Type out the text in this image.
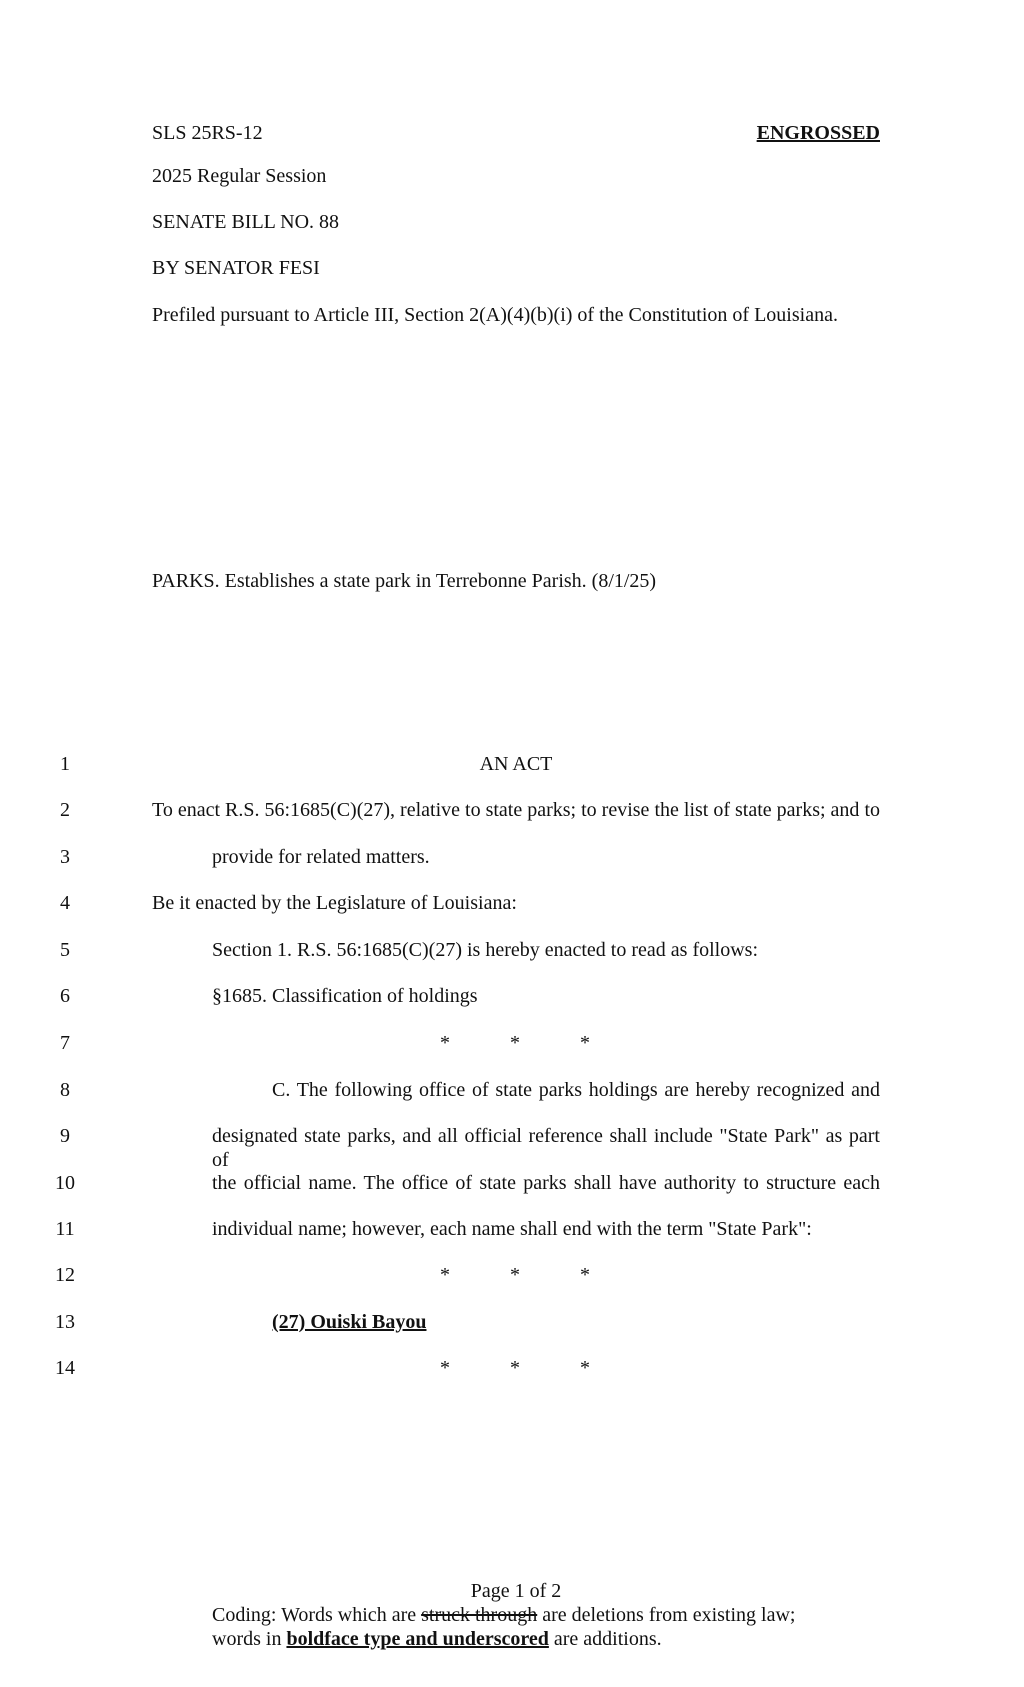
SLS 25RS-12	ENGROSSED
2025 Regular Session
SENATE BILL NO. 88
BY SENATOR FESI
Prefiled pursuant to Article III, Section 2(A)(4)(b)(i) of the Constitution of Louisiana.
PARKS. Establishes a state park in Terrebonne Parish. (8/1/25)
1
2
3
4
5
6
7
8
9
10
11
12
13
14
AN ACT
To enact R.S. 56:1685(C)(27), relative to state parks; to revise the list of state parks; and to
provide for related matters.
Be it enacted by the Legislature of Louisiana:
Section 1. R.S. 56:1685(C)(27) is hereby enacted to read as follows:
§1685. Classification of holdings
*	*	*
C. The following office of state parks holdings are hereby recognized and
designated state parks, and all official reference shall include "State Park" as part of
the official name. The office of state parks shall have authority to structure each
individual name; however, each name shall end with the term "State Park":
*	*	*
(27) Ouiski Bayou
*	*	*
Page 1 of 2
Coding: Words which are struck through are deletions from existing law;
words in boldface type and underscored are additions.
